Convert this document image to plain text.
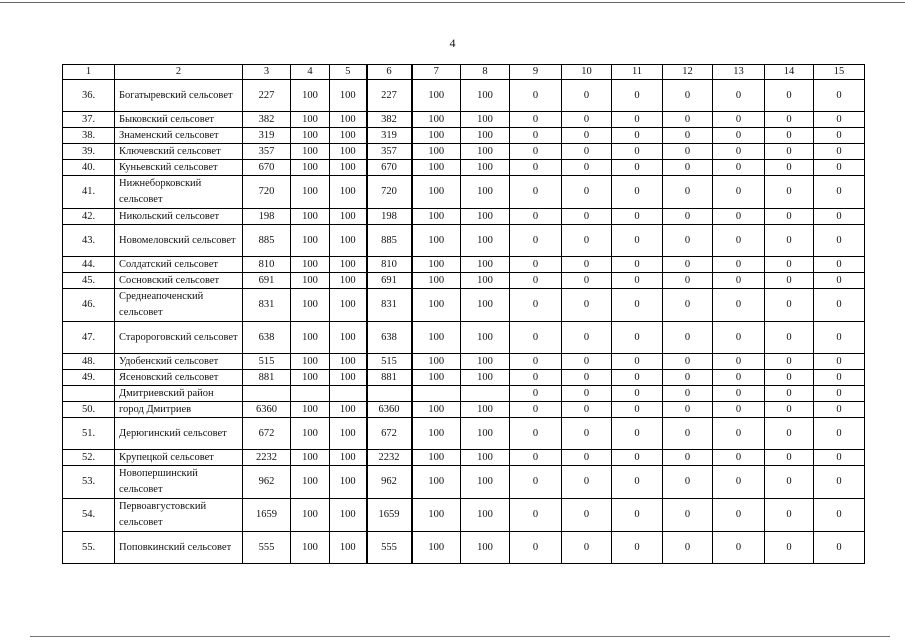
4
1	2	3	4	5	6	7	8	9	10	11	12	13	14	15
36.	Богатыревский сельсовет	227	100	100	227	100	100	0	0	0	0	0	0	0
37.	Быковский сельсовет	382	100	100	382	100	100	0	0	0	0	0	0	0
38.	Знаменский сельсовет	319	100	100	319	100	100	0	0	0	0	0	0	0
39.	Ключевский сельсовет	357	100	100	357	100	100	0	0	0	0	0	0	0
40.	Куньевский сельсовет	670	100	100	670	100	100	0	0	0	0	0	0	0
41.	Нижнеборковский сельсовет	720	100	100	720	100	100	0	0	0	0	0	0	0
42.	Никольский сельсовет	198	100	100	198	100	100	0	0	0	0	0	0	0
43.	Новомеловский сельсовет	885	100	100	885	100	100	0	0	0	0	0	0	0
44.	Солдатский сельсовет	810	100	100	810	100	100	0	0	0	0	0	0	0
45.	Сосновский сельсовет	691	100	100	691	100	100	0	0	0	0	0	0	0
46.	Среднеапоченский сельсовет	831	100	100	831	100	100	0	0	0	0	0	0	0
47.	Старороговский сельсовет	638	100	100	638	100	100	0	0	0	0	0	0	0
48.	Удобенский сельсовет	515	100	100	515	100	100	0	0	0	0	0	0	0
49.	Ясеновский сельсовет	881	100	100	881	100	100	0	0	0	0	0	0	0
	Дмитриевский район							0	0	0	0	0	0	0
50.	город Дмитриев	6360	100	100	6360	100	100	0	0	0	0	0	0	0
51.	Дерюгинский сельсовет	672	100	100	672	100	100	0	0	0	0	0	0	0
52.	Крупецкой сельсовет	2232	100	100	2232	100	100	0	0	0	0	0	0	0
53.	Новопершинский сельсовет	962	100	100	962	100	100	0	0	0	0	0	0	0
54.	Первоавгустовский сельсовет	1659	100	100	1659	100	100	0	0	0	0	0	0	0
55.	Поповкинский сельсовет	555	100	100	555	100	100	0	0	0	0	0	0	0
